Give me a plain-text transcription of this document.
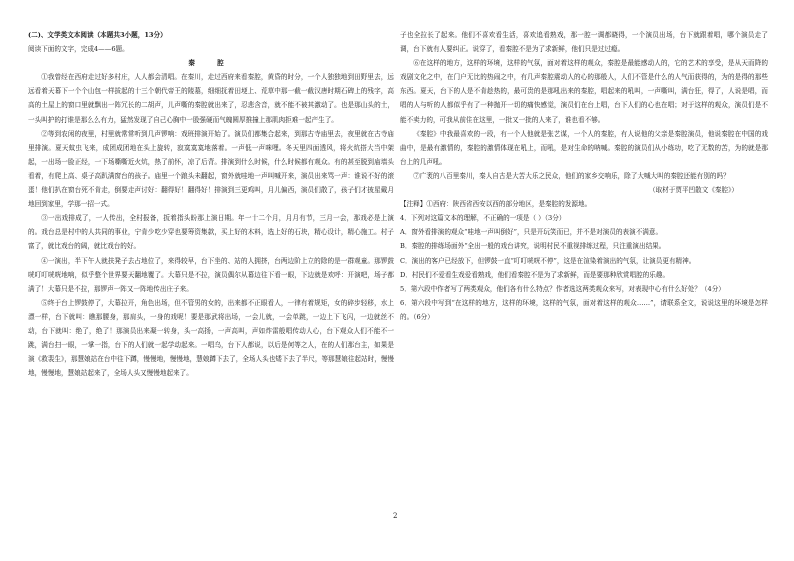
(二)、文学类文本阅读（本题共3小题，13分）

阅读下面的文字，完成4——6题。

秦 腔

①我曾经在西府走过好多村庄，人人都会清唱。在秦川，走过西府来看秦腔，黄昏的时分，一个人独独地到田野里去，远远看着天幕下一个个山包一样拔起的十三个朝代帝王的陵墓，细细抚着田埂上、荒草中那一截一截汉唐时期石碑上的残字，高高的土屋上的窗口里就飘出一阵冗长的二胡声，儿声嘶的秦腔就出来了，忍悲含音，就不能不被其激动了。也是那山头的土，一头叫护的打谁是那么么有力，猛然发现了自己心胸中一股强硬而气魄圆厚推撞上那肌肉拒难一起产生了。

②等到农闲的夜里，村里就常常听到几声锣响：戏班排演开始了。演员们都集合起来，到那古寺庙里去，夜里就在古寺庙里排演。夏天蚊虫飞来，成团成团地在头上旋转，寂寞寞寞地落着。一声低一声咪哩。冬天里四面透风，将火炕搭大当中架起，一出场一脸正经，一下场嘶嘶近火炕，热了前怀，凉了后背。排演到什么时候，什么时候都有观众。有的甚至脱到庙墙头看着，有爬上高、桌子高趴满窗台的孩子。庙里一个踉头未翻起，窗外就哇地一声叫喊开来，演员出来骂一声：谁说不好的滚蛋！他们扒在窗台死不肯走，倒要走声讨好：翻得好！翻得好！排演到三更鸡叫，月儿偏西，演员们散了，孩子们才披星戴月地回到家里，学那一招一式。

③一出戏排成了，一人传出，全村报备，扳着指头盼那上演日期。年一十二个月，月月有节，三月一会，那戏必是上演的。戏台总是村中的人共同的事业，宁肯少吃少穿也要筹资集款，买上好的木料，选上好的石块，精心设计，精心施工。村子富了，就比戏台的阔，就比戏台的好。

④一演出，半下午人就扶凳子去占地位了，来得较早，台下坐的、站的人拥挤，台两边阶上立的除的是一群观童。那锣鼓咣叮叮咣咣地响，似乎整个世界要天翻地覆了。大幕只是不拉，演员偶尔从幕边往下看一眼，下边就是欢呼：开演吧，场子都满了！大幕只是不拉，那锣声一阵又一阵地传出庄子来。

⑤终于台上锣鼓停了，大幕拉开，角色出场，但不管男的女的，出来都不正眼看人，一律有着规矩，女的碎步轻移，水上漂一样，台下就叫：瞧那腰身，那肩头，一身的戏呢！要是那武将出场，一会儿就，一会单跳，一边上下飞闪，一边就丝不动，台下就叫：绝了，绝了！那演员出来凝一转身，头一高扬，一声高叫，声如炸雷般唱传动人心，台下观众人们不能不一跳，满台扫一眼，一掌一指，台下的人们就一起学动起来。一唱乌，台下人都说，以后是何等之人，在的人们那台主，如果是演《救裴生》，那慧娘站在台中往下蹲，慢慢地，慢慢地，慧娘蹲下去了，全场人头也矮下去了半尺，等那慧娘往起站时，慢慢地，慢慢地，慧娘站起来了，全场人头又慢慢地起来了。

子也全拉长了起来。他们不喜欢看生活，喜欢追看熟戏，那一腔一调都晓得，一个演员出场，台下就跟着唱，哪个演员走了调，台下就有人要纠正。说穿了，看秦腔不是为了求新鲜，他们只是过过瘾。

⑥在这样的地方，这样的环境，这样的气氛，面对着这样的观众，秦腔是最能感动人的，它的艺术的享受，是从天而降的戏剧文化之中，在门户无比的热闹之中，有几声秦腔震动人的心的那般人，人们不管是什么的人气而获得的，为的是得的那些东西。夏天，台下的人是不肯趁热的，最可贵的是那吼出来的秦腔，唱起来的吼叫，一声嘶叫，满台狂，得了，人说是唱，而唱的人与听的人都似乎有了一种抛开一切的痛快感觉，演员们在台上唱，台下人们的心也在唱；对于这样的观众，演员们是不能不卖力的，可我从前住在这里，一批又一批的人来了，谁也看不够。

《秦腔》中我最喜欢的一段，有一个人他就是张艺谋，一个人的秦腔，有人说他的父亲是秦腔演员，他说秦腔在中国的戏曲中，是最有激情的，秦腔的激情体现在吼上，而吼，是对生命的呐喊。秦腔的演员们从小练功，吃了无数的苦，为的就是那台上的几声吼。

⑦广袤的八百里秦川，秦人自古是大苦大乐之民众，他们的家乡交响乐，除了大喊大叫的秦腔还能有别的吗？

（取材于贾平凹散文《秦腔》）

【注释】①西府：陕西省西安以西的部分地区，是秦腔的发源地。

4．下列对这篇文本的理解，不正确的一项是（ ）（3分）

A．窗外看排演的观众“哇地一声叫倒好”，只是开玩笑而已，并不是对演员的表演不满意。

B．秦腔的排练场面外“全出一般的戏台讲究，说明村民不重视排练过程，只注重演出结果。

C．演出的客户已经放下，但锣鼓一直“叮叮咣咣不停”，这是在渲染着演出的气氛，让演员更有精神。

D．村民们不爱看生戏爱看熟戏，他们看秦腔不是为了求新鲜，而是要那种欣赏唱腔的乐趣。

5．第六段中作者写了两类观众，他们各有什么特点？作者选这两类观众来写，对表现中心有什么好处？（4分）

6．第六段中写到“在这样的地方，这样的环境，这样的气氛，面对着这样的观众……”，请联系全文，说说这里的环境是怎样的。（6分）

2
